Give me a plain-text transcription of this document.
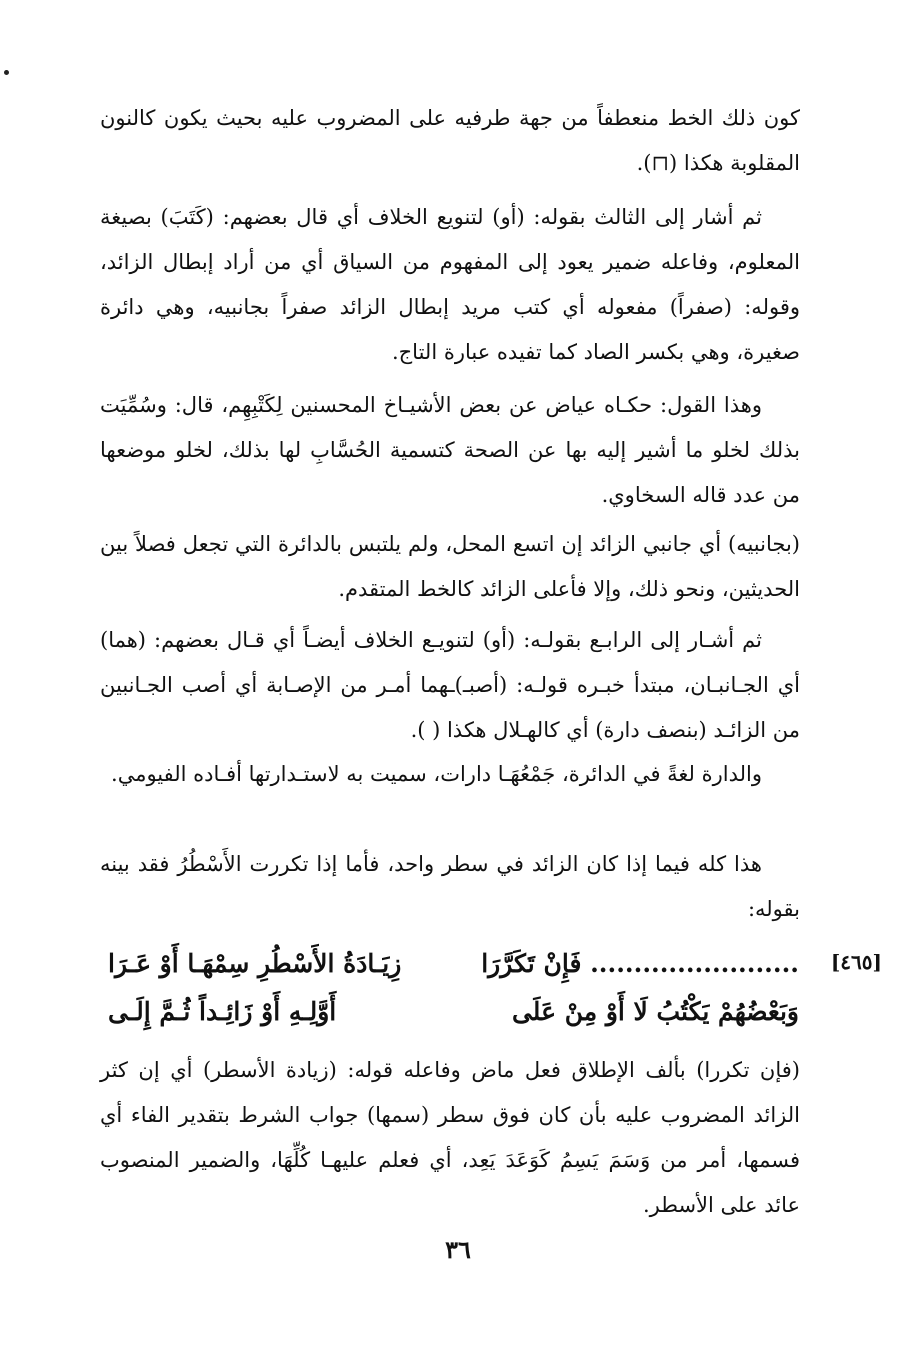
كون ذلك الخط منعطفاً من جهة طرفيه على المضروب عليه بحيث يكون كالنون المقلوبة هكذا (⊓).

ثم أشار إلى الثالث بقوله: (أو) لتنويع الخلاف أي قال بعضهم: (كَتَبَ) بصيغة المعلوم، وفاعله ضمير يعود إلى المفهوم من السياق أي من أراد إبطال الزائد، وقوله: (صفراً) مفعوله أي كتب مريد إبطال الزائد صفراً بجانبيه، وهي دائرة صغيرة، وهي بكسر الصاد كما تفيده عبارة التاج.

وهذا القول: حكـاه عياض عن بعض الأشيـاخ المحسنين لِكَتْبِهِم، قال: وسُمِّيَت بذلك لخلو ما أشير إليه بها عن الصحة كتسمية الحُسَّابِ لها بذلك، لخلو موضعها من عدد قاله السخاوي.

(بجانبيه) أي جانبي الزائد إن اتسع المحل، ولم يلتبس بالدائرة التي تجعل فصلاً بين الحديثين، ونحو ذلك، وإلا فأعلى الزائد كالخط المتقدم.

ثم أشـار إلى الرابـع بقولـه: (أو) لتنويـع الخلاف أيضـاً أي قـال بعضهم: (هما) أي الجـانبـان، مبتدأ خبـره قولـه: (أصبـ)ـهما أمـر من الإصـابة أي أصب الجـانبين من الزائـد (بنصف دارة) أي كالهـلال هكذا ( ).

والدارة لغةً في الدائرة، جَمْعُهَـا دارات، سميت به لاستـدارتها أفـاده الفيومي.

هذا كله فيما إذا كان الزائد في سطر واحد، فأما إذا تكررت الأَسْطُرُ فقد بينه بقوله:

[٤٦٥]
........................ فَإِنْ تَكَرَّرَا
زِيَـادَةُ الأَسْطُرِ سِمْهَـا أَوْ عَـرَا
وَبَعْضُهُمْ يَكْتُبُ لَا أَوْ مِنْ عَلَى
أَوَّلِـهِ أَوْ زَائِـداً ثُـمَّ إِلَـى

(فإن تكررا) بألف الإطلاق فعل ماض وفاعله قوله: (زيادة الأسطر) أي إن كثر الزائد المضروب عليه بأن كان فوق سطر (سمها) جواب الشرط بتقدير الفاء أي فسمها، أمر من وَسَمَ يَسِمُ كَوَعَدَ يَعِد، أي فعلم عليهـا كُلِّهَا، والضمير المنصوب عائد على الأسطر.

٣٦
